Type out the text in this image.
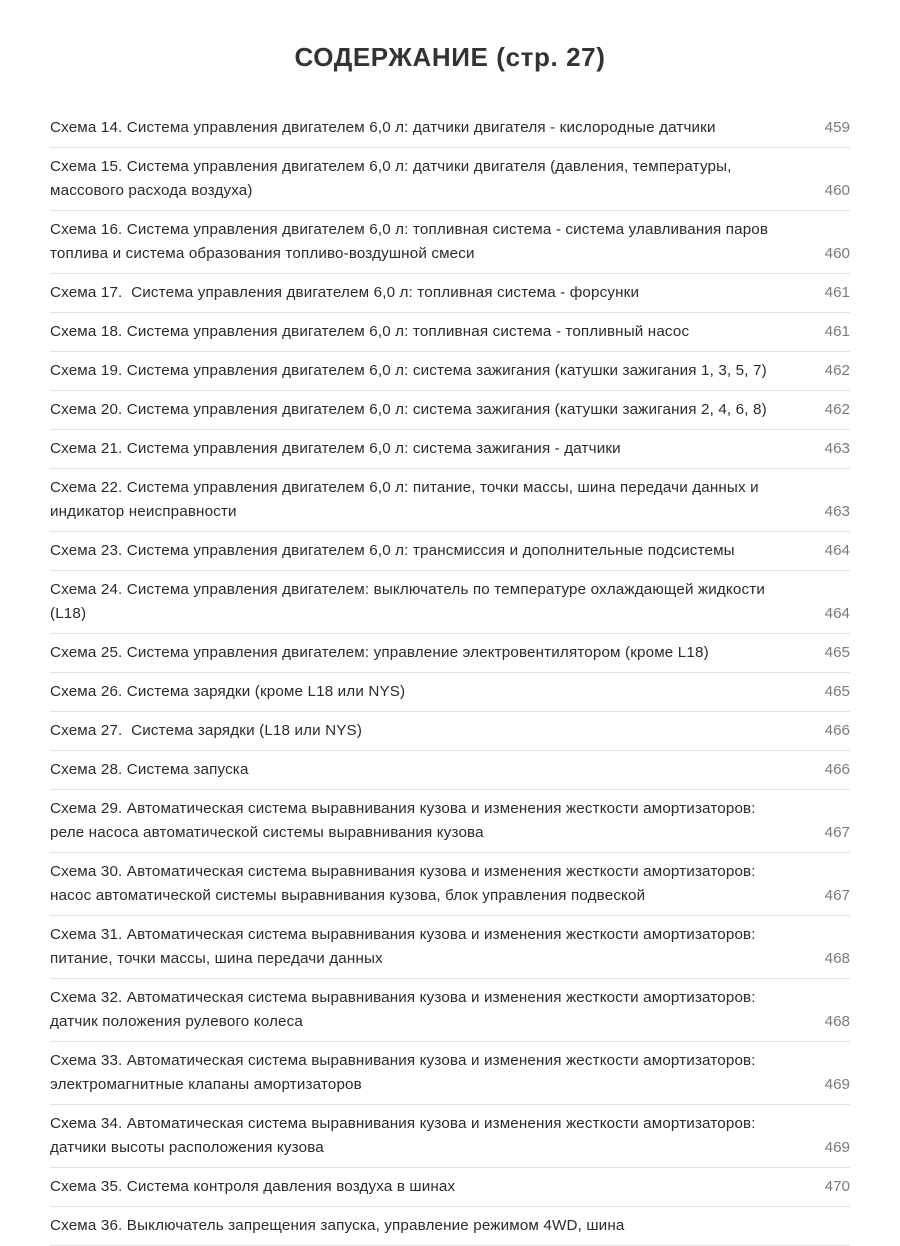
СОДЕРЖАНИЕ (стр. 27)
Схема 14. Система управления двигателем 6,0 л: датчики двигателя - кислородные датчики	459
Схема 15. Система управления двигателем 6,0 л: датчики двигателя (давления, температуры, массового расхода воздуха)	460
Схема 16. Система управления двигателем 6,0 л: топливная система - система улавливания паров топлива и система образования топливо-воздушной смеси	460
Схема 17.  Система управления двигателем 6,0 л: топливная система - форсунки	461
Схема 18. Система управления двигателем 6,0 л: топливная система - топливный насос	461
Схема 19. Система управления двигателем 6,0 л: система зажигания (катушки зажигания 1, 3, 5, 7)	462
Схема 20. Система управления двигателем 6,0 л: система зажигания (катушки зажигания 2, 4, 6, 8)	462
Схема 21. Система управления двигателем 6,0 л: система зажигания - датчики	463
Схема 22. Система управления двигателем 6,0 л: питание, точки массы, шина передачи данных и индикатор неисправности	463
Схема 23. Система управления двигателем 6,0 л: трансмиссия и дополнительные подсистемы	464
Схема 24. Система управления двигателем: выключатель по температуре охлаждающей жидкости (L18)	464
Схема 25. Система управления двигателем: управление электровентилятором (кроме L18)	465
Схема 26. Система зарядки (кроме L18 или NYS)	465
Схема 27.  Система зарядки (L18 или NYS)	466
Схема 28. Система запуска	466
Схема 29. Автоматическая система выравнивания кузова и изменения жесткости амортизаторов: реле насоса автоматической системы выравнивания кузова	467
Схема 30. Автоматическая система выравнивания кузова и изменения жесткости амортизаторов: насос автоматической системы выравнивания кузова, блок управления подвеской	467
Схема 31. Автоматическая система выравнивания кузова и изменения жесткости амортизаторов: питание, точки массы, шина передачи данных	468
Схема 32. Автоматическая система выравнивания кузова и изменения жесткости амортизаторов: датчик положения рулевого колеса	468
Схема 33. Автоматическая система выравнивания кузова и изменения жесткости амортизаторов: электромагнитные клапаны амортизаторов	469
Схема 34. Автоматическая система выравнивания кузова и изменения жесткости амортизаторов: датчики высоты расположения кузова	469
Схема 35. Система контроля давления воздуха в шинах	470
Схема 36. Выключатель запрещения запуска, управление режимом 4WD, шина
